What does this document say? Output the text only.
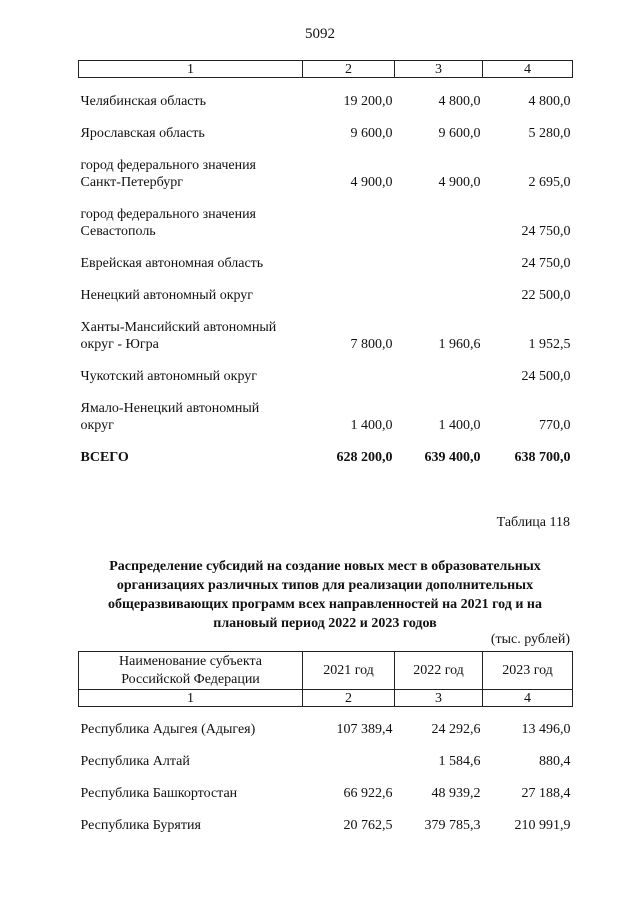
5092
1	2	3	4

Челябинская область	19 200,0	4 800,0	4 800,0

Ярославская область	9 600,0	9 600,0	5 280,0

город федерального значения
Санкт-Петербург	4 900,0	4 900,0	2 695,0

город федерального значения
Севастополь			24 750,0

Еврейская автономная область			24 750,0

Ненецкий автономный округ			22 500,0

Ханты-Мансийский автономный
округ - Югра	7 800,0	1 960,6	1 952,5

Чукотский автономный округ			24 500,0

Ямало-Ненецкий автономный
округ	1 400,0	1 400,0	770,0
ВСЕГО	628 200,0	639 400,0	638 700,0
Таблица 118
Распределение субсидий на создание новых мест в образовательных
организациях различных типов для реализации дополнительных
общеразвивающих программ всех направленностей на 2021 год и на
плановый период 2022 и 2023 годов
(тыс. рублей)
Наименование субъекта
Российской Федерации	2021 год	2022 год	2023 год
1	2	3	4

Республика Адыгея (Адыгея)	107 389,4	24 292,6	13 496,0

Республика Алтай		1 584,6	880,4

Республика Башкортостан	66 922,6	48 939,2	27 188,4

Республика Бурятия	20 762,5	379 785,3	210 991,9
